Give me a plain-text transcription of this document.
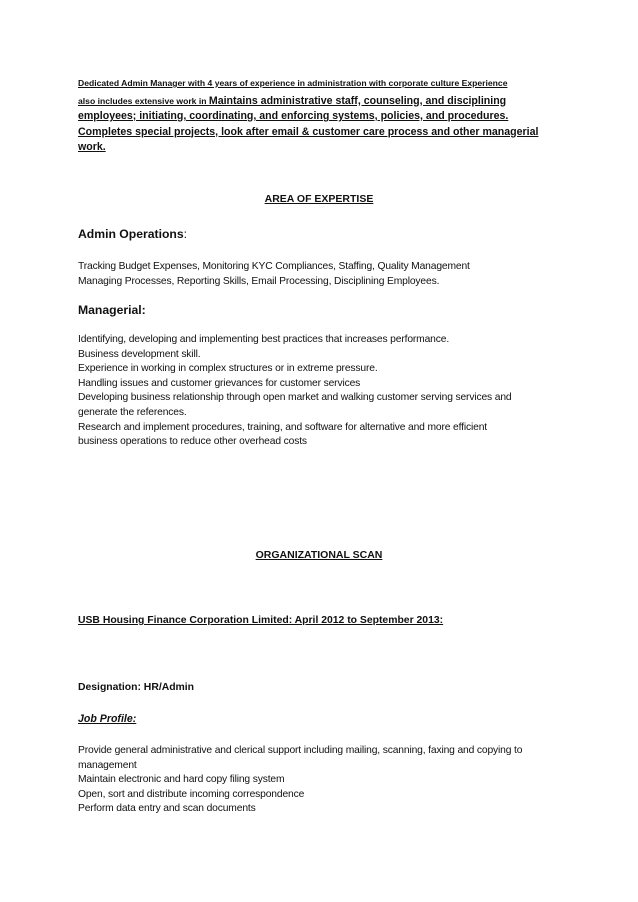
Dedicated Admin Manager with 4 years of experience in administration with corporate culture Experience
also includes extensive work in Maintains administrative staff, counseling, and disciplining
employees; initiating, coordinating, and enforcing systems, policies, and procedures.
Completes special projects, look after email & customer care process and other managerial
work.
AREA OF EXPERTISE
Admin Operations:
Tracking Budget Expenses, Monitoring KYC Compliances, Staffing, Quality Management
Managing Processes, Reporting Skills, Email Processing, Disciplining Employees.
Managerial:
Identifying, developing and implementing best practices that increases performance.
Business development skill.
Experience in working in complex structures or in extreme pressure.
Handling issues and customer grievances for customer services
Developing business relationship through open market and walking customer serving services and
generate the references.
Research and implement procedures, training, and software for alternative and more efficient
business operations to reduce other overhead costs
ORGANIZATIONAL SCAN
USB Housing Finance Corporation Limited: April 2012 to September 2013:
Designation: HR/Admin
Job Profile:
Provide general administrative and clerical support including mailing, scanning, faxing and copying to
management
Maintain electronic and hard copy filing system
Open, sort and distribute incoming correspondence
Perform data entry and scan documents
